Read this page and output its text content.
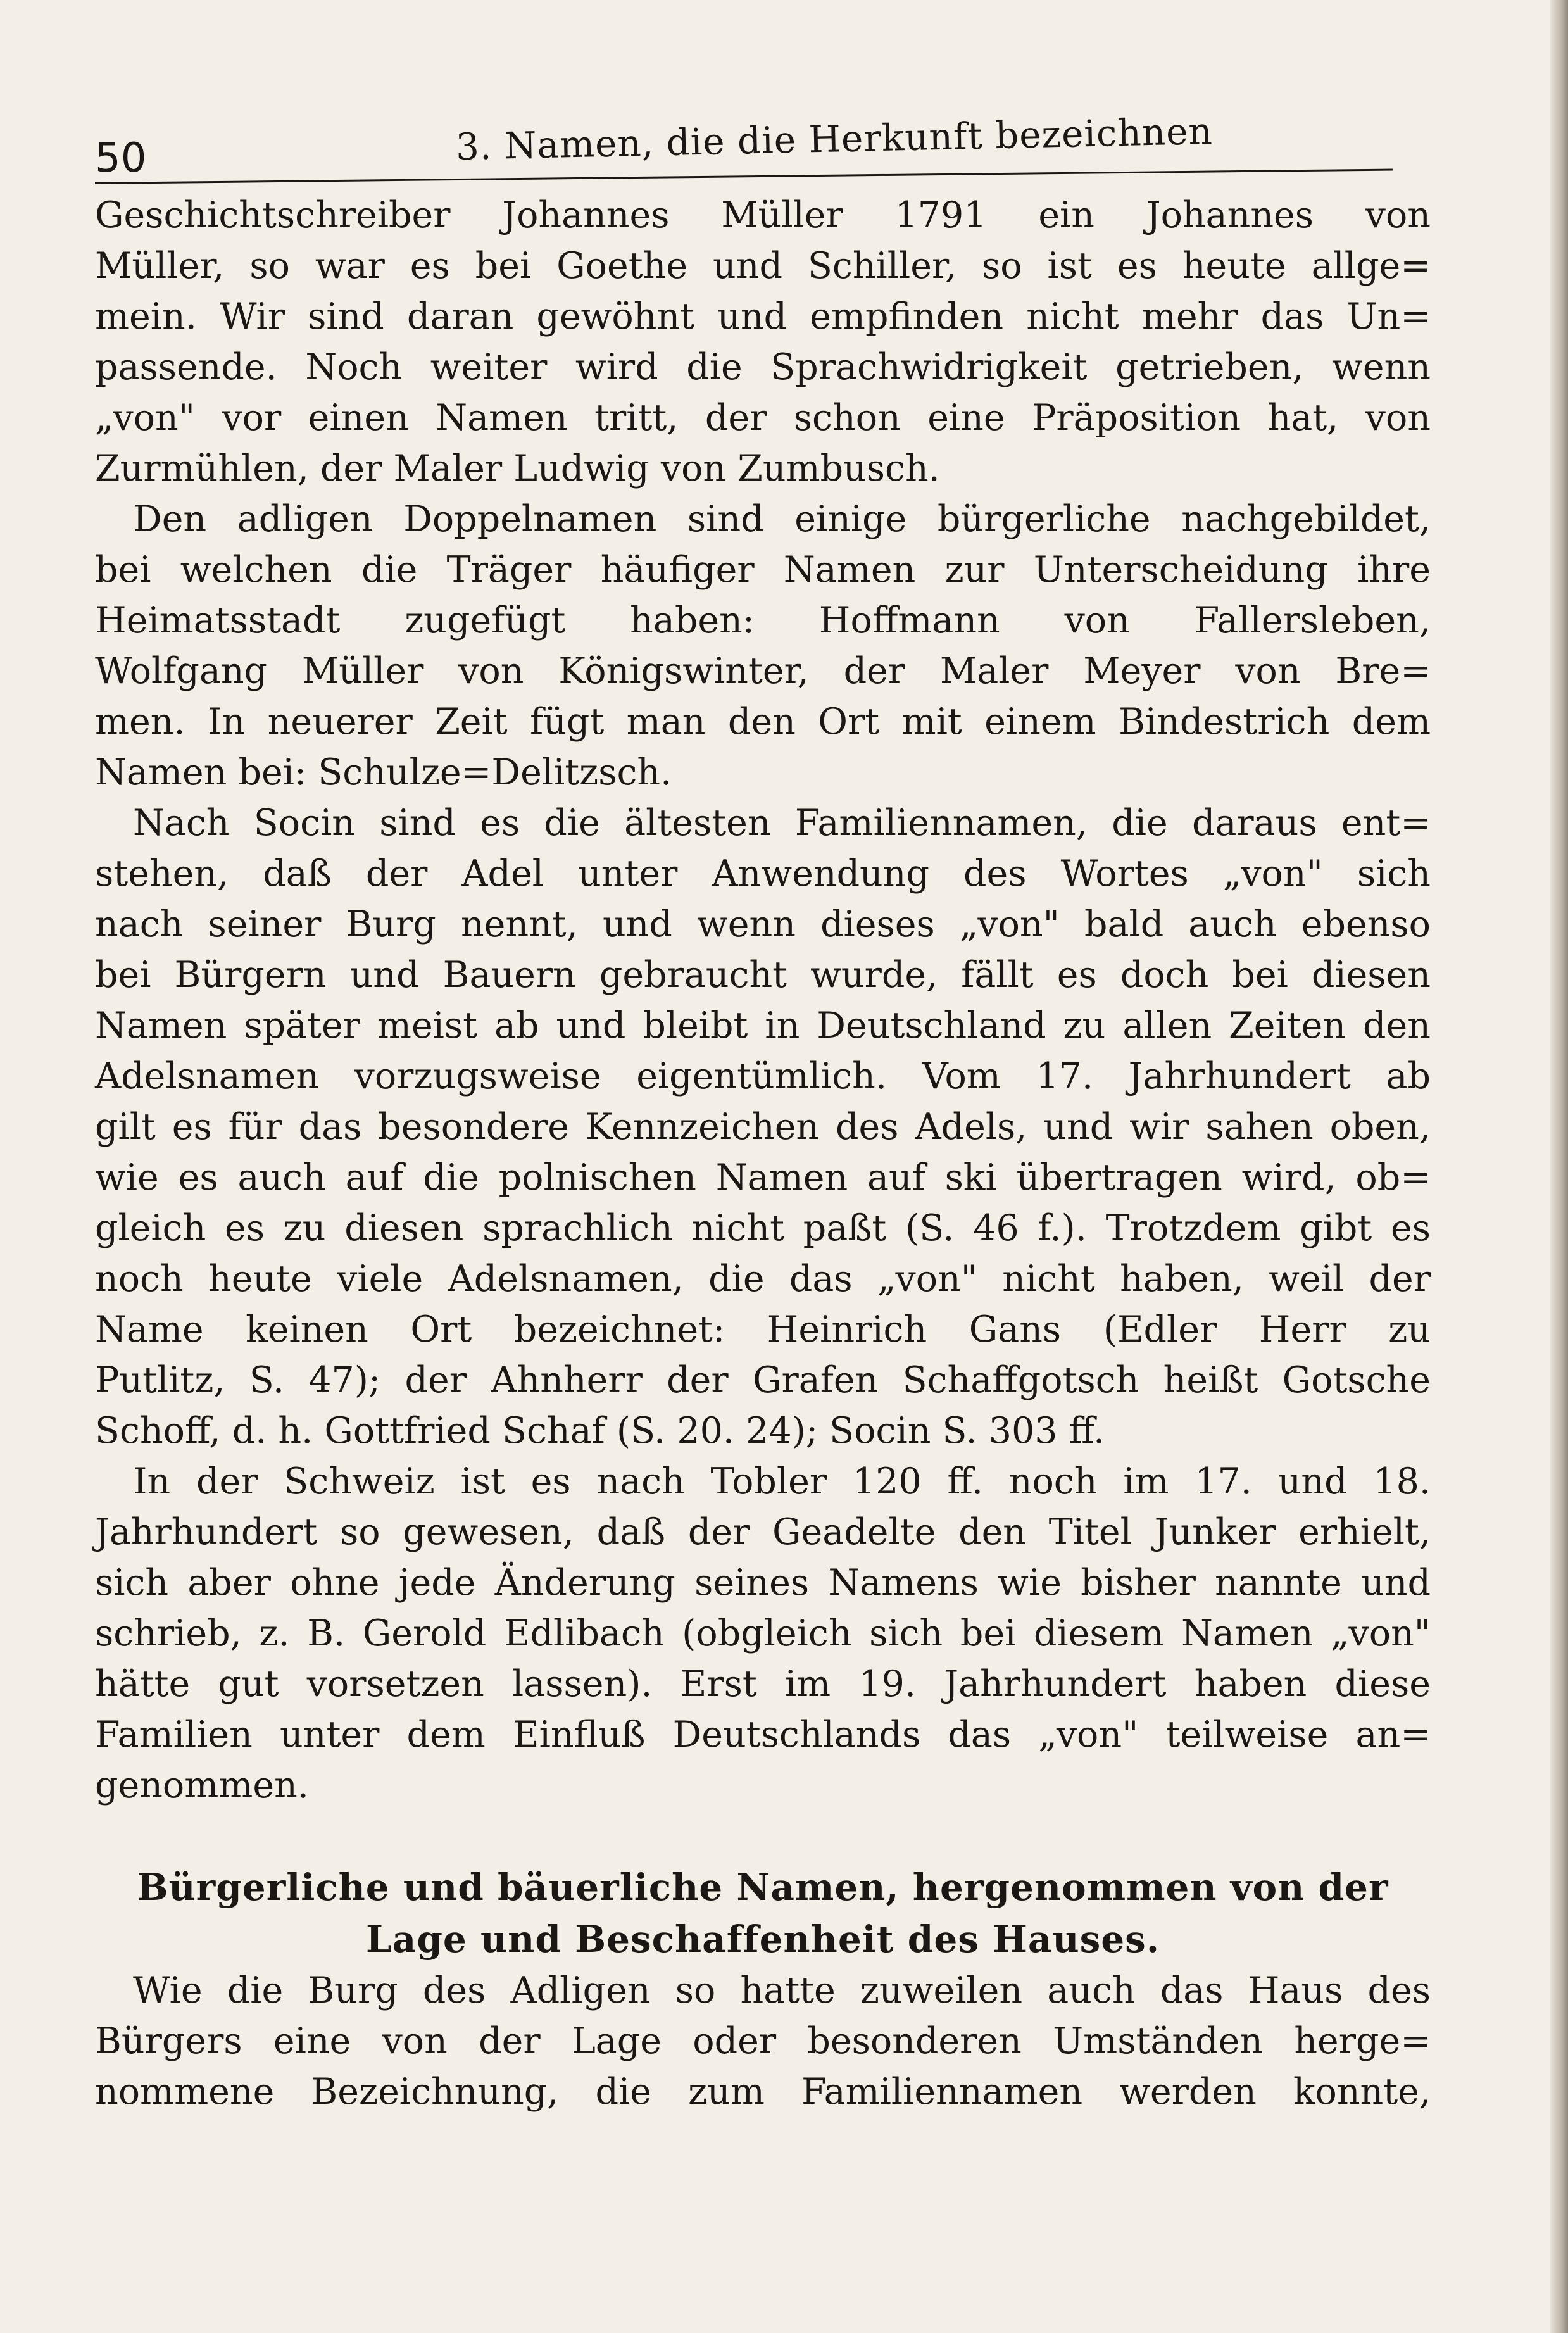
50	3. Namen, die die Herkunft bezeichnen
Geschichtschreiber Johannes Müller 1791 ein Johannes von
Müller, so war es bei Goethe und Schiller, so ist es heute allge=
mein. Wir sind daran gewöhnt und empfinden nicht mehr das Un=
passende. Noch weiter wird die Sprachwidrigkeit getrieben, wenn
„von" vor einen Namen tritt, der schon eine Präposition hat, von
Zurmühlen, der Maler Ludwig von Zumbusch.
Den adligen Doppelnamen sind einige bürgerliche nachgebildet,
bei welchen die Träger häufiger Namen zur Unterscheidung ihre
Heimatsstadt zugefügt haben: Hoffmann von Fallersleben,
Wolfgang Müller von Königswinter, der Maler Meyer von Bre=
men. In neuerer Zeit fügt man den Ort mit einem Bindestrich dem
Namen bei: Schulze=Delitzsch.
Nach Socin sind es die ältesten Familiennamen, die daraus ent=
stehen, daß der Adel unter Anwendung des Wortes „von" sich
nach seiner Burg nennt, und wenn dieses „von" bald auch ebenso
bei Bürgern und Bauern gebraucht wurde, fällt es doch bei diesen
Namen später meist ab und bleibt in Deutschland zu allen Zeiten den
Adelsnamen vorzugsweise eigentümlich. Vom 17. Jahrhundert ab
gilt es für das besondere Kennzeichen des Adels, und wir sahen oben,
wie es auch auf die polnischen Namen auf ski übertragen wird, ob=
gleich es zu diesen sprachlich nicht paßt (S. 46 f.). Trotzdem gibt es
noch heute viele Adelsnamen, die das „von" nicht haben, weil der
Name keinen Ort bezeichnet: Heinrich Gans (Edler Herr zu
Putlitz, S. 47); der Ahnherr der Grafen Schaffgotsch heißt Gotsche
Schoff, d. h. Gottfried Schaf (S. 20. 24); Socin S. 303 ff.
In der Schweiz ist es nach Tobler 120 ff. noch im 17. und 18.
Jahrhundert so gewesen, daß der Geadelte den Titel Junker erhielt,
sich aber ohne jede Änderung seines Namens wie bisher nannte und
schrieb, z. B. Gerold Edlibach (obgleich sich bei diesem Namen „von"
hätte gut vorsetzen lassen). Erst im 19. Jahrhundert haben diese
Familien unter dem Einfluß Deutschlands das „von" teilweise an=
genommen.
Bürgerliche und bäuerliche Namen, hergenommen von der
Lage und Beschaffenheit des Hauses.
Wie die Burg des Adligen so hatte zuweilen auch das Haus des
Bürgers eine von der Lage oder besonderen Umständen herge=
nommene Bezeichnung, die zum Familiennamen werden konnte,
